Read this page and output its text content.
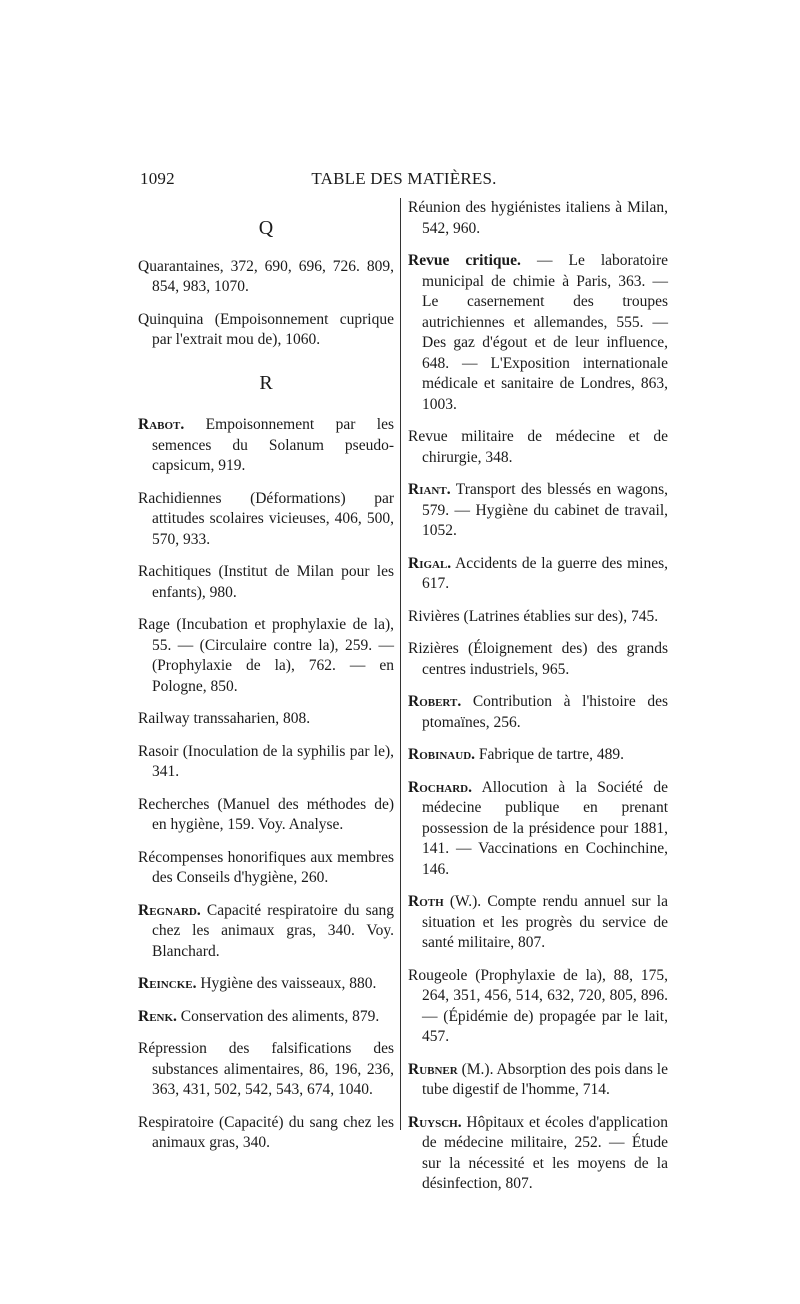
1092	TABLE DES MATIÈRES.
Q

Quarantaines, 372, 690, 696, 726. 809, 854, 983, 1070.

Quinquina (Empoisonnement cuprique par l'extrait mou de), 1060.

R

Rabot. Empoisonnement par les semences du Solanum pseudo-capsicum, 919.

Rachidiennes (Déformations) par attitudes scolaires vicieuses, 406, 500, 570, 933.

Rachitiques (Institut de Milan pour les enfants), 980.

Rage (Incubation et prophylaxie de la), 55. — (Circulaire contre la), 259. — (Prophylaxie de la), 762. — en Pologne, 850.

Railway transsaharien, 808.

Rasoir (Inoculation de la syphilis par le), 341.

Recherches (Manuel des méthodes de) en hygiène, 159. Voy. Analyse.

Récompenses honorifiques aux membres des Conseils d'hygiène, 260.

Regnard. Capacité respiratoire du sang chez les animaux gras, 340. Voy. Blanchard.

Reincke. Hygiène des vaisseaux, 880.

Renk. Conservation des aliments, 879.

Répression des falsifications des substances alimentaires, 86, 196, 236, 363, 431, 502, 542, 543, 674, 1040.

Respiratoire (Capacité) du sang chez les animaux gras, 340.

Réunion des hygiénistes italiens à Milan, 542, 960.

Revue critique. — Le laboratoire municipal de chimie à Paris, 363. — Le casernement des troupes autrichiennes et allemandes, 555. — Des gaz d'égout et de leur influence, 648. — L'Exposition internationale médicale et sanitaire de Londres, 863, 1003.

Revue militaire de médecine et de chirurgie, 348.

Riant. Transport des blessés en wagons, 579. — Hygiène du cabinet de travail, 1052.

Rigal. Accidents de la guerre des mines, 617.

Rivières (Latrines établies sur des), 745.

Rizières (Éloignement des) des grands centres industriels, 965.

Robert. Contribution à l'histoire des ptomaïnes, 256.

Robinaud. Fabrique de tartre, 489.

Rochard. Allocution à la Société de médecine publique en prenant possession de la présidence pour 1881, 141. — Vaccinations en Cochinchine, 146.

Roth (W.). Compte rendu annuel sur la situation et les progrès du service de santé militaire, 807.

Rougeole (Prophylaxie de la), 88, 175, 264, 351, 456, 514, 632, 720, 805, 896. — (Épidémie de) propagée par le lait, 457.

Rubner (M.). Absorption des pois dans le tube digestif de l'homme, 714.

Ruysch. Hôpitaux et écoles d'application de médecine militaire, 252. — Étude sur la nécessité et les moyens de la désinfection, 807.
